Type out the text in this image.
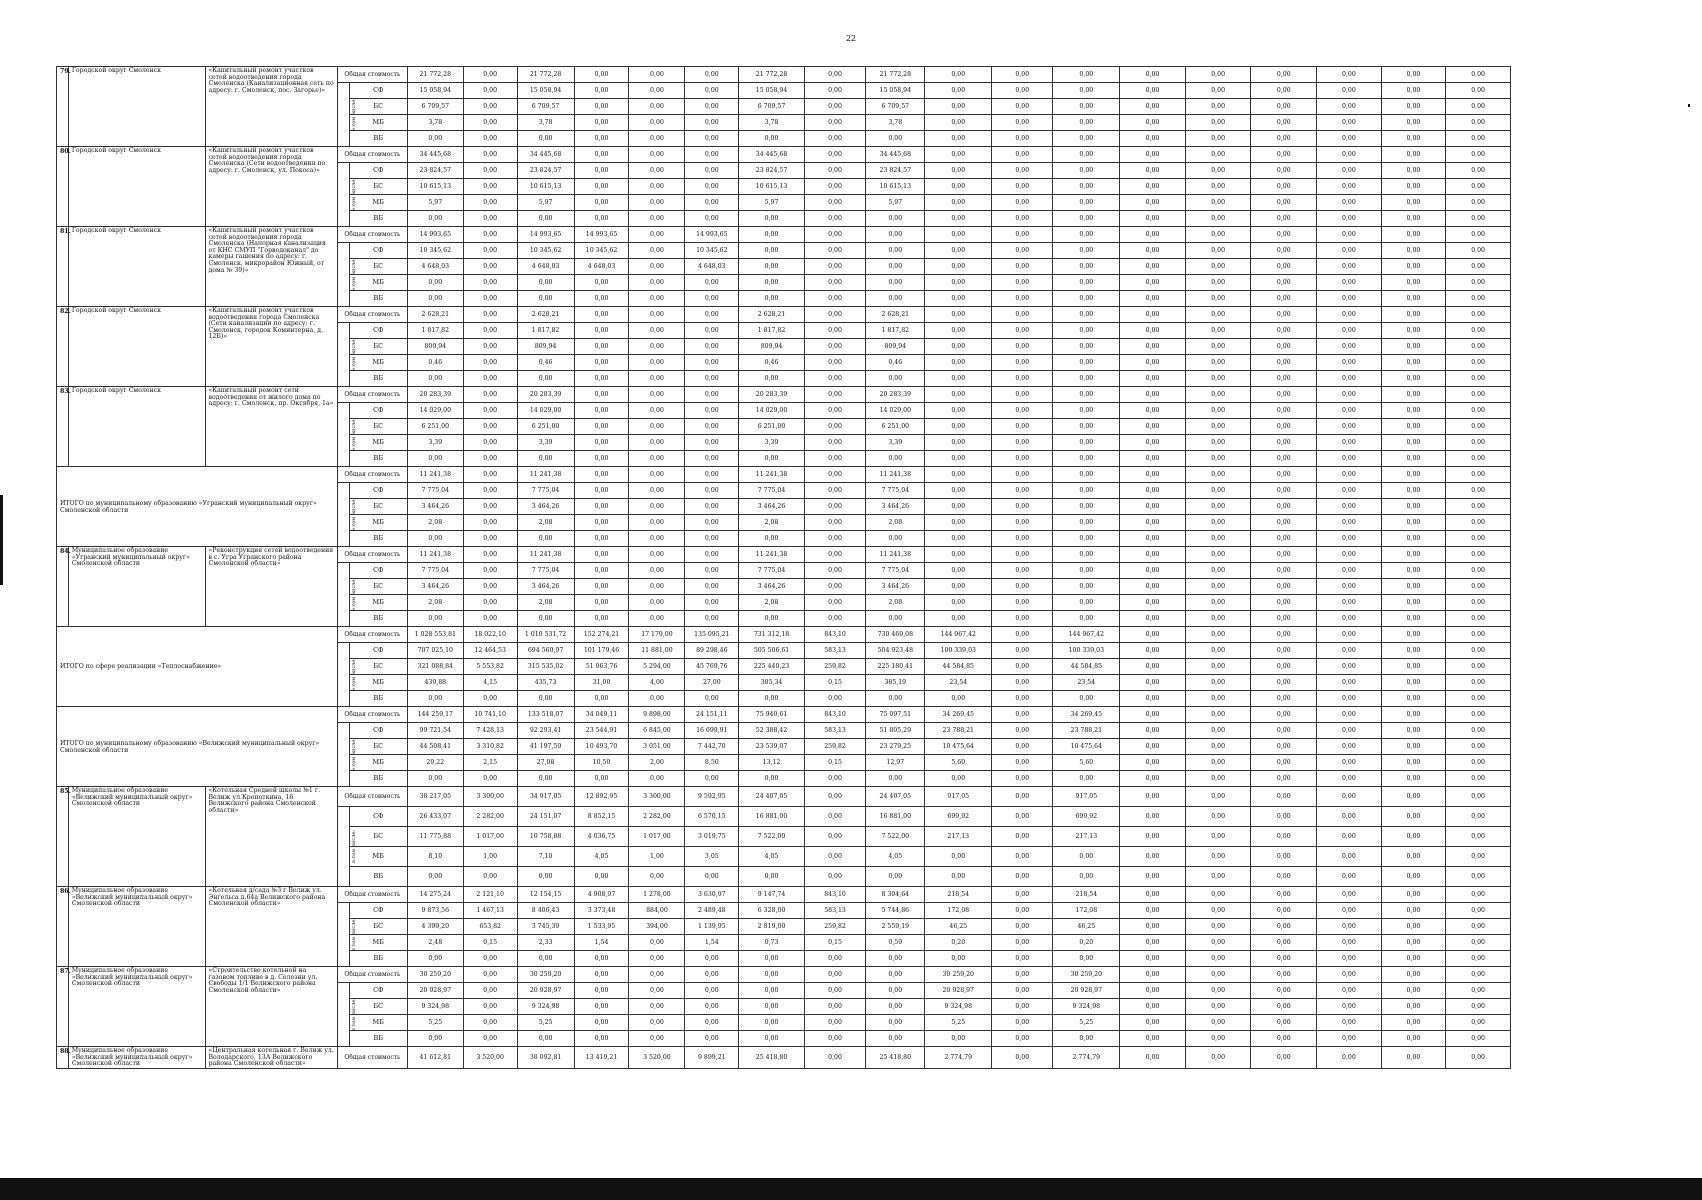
22
79.	Городской округ Смоленск	«Капитальный ремонт участков сетей водоотведения города Смоленска (Канализационная сеть по адресу: г. Смоленск, пос. Загорье)»	Общая стоимость		21 772,28	0,00	21 772,28	0,00	0,00	0,00	21 772,28	0,00	21 772,28	0,00	0,00	0,00	0,00	0,00	0,00	0,00	0,00	0,00
			в том числе:	СФ	15 058,94	0,00	15 058,94	0,00	0,00	0,00	15 058,94	0,00	15 058,94	0,00	0,00	0,00	0,00	0,00	0,00	0,00	0,00	0,00
				БС	6 709,57	0,00	6 709,57	0,00	0,00	0,00	6 709,57	0,00	6 709,57	0,00	0,00	0,00	0,00	0,00	0,00	0,00	0,00	0,00
				МБ	3,78	0,00	3,78	0,00	0,00	0,00	3,78	0,00	3,78	0,00	0,00	0,00	0,00	0,00	0,00	0,00	0,00	0,00
				ВБ	0,00	0,00	0,00	0,00	0,00	0,00	0,00	0,00	0,00	0,00	0,00	0,00	0,00	0,00	0,00	0,00	0,00	0,00
80.	Городской округ Смоленск	«Капитальный ремонт участков сетей водоотведения города Смоленска (Сети водоотведения по адресу: г. Смоленск, ул. Покоса)»	Общая стоимость		34 445,68	0,00	34 445,68	0,00	0,00	0,00	34 445,68	0,00	34 445,68	0,00	0,00	0,00	0,00	0,00	0,00	0,00	0,00	0,00
			в том числе:	СФ	23 824,57	0,00	23 824,57	0,00	0,00	0,00	23 824,57	0,00	23 824,57	0,00	0,00	0,00	0,00	0,00	0,00	0,00	0,00	0,00
				БС	10 615,13	0,00	10 615,13	0,00	0,00	0,00	10 615,13	0,00	10 615,13	0,00	0,00	0,00	0,00	0,00	0,00	0,00	0,00	0,00
				МБ	5,97	0,00	5,97	0,00	0,00	0,00	5,97	0,00	5,97	0,00	0,00	0,00	0,00	0,00	0,00	0,00	0,00	0,00
				ВБ	0,00	0,00	0,00	0,00	0,00	0,00	0,00	0,00	0,00	0,00	0,00	0,00	0,00	0,00	0,00	0,00	0,00	0,00
81.	Городской округ Смоленск	«Капитальный ремонт участков сетей водоотведения города Смоленска (Напорная канализация от КНС СМУП "Горводоканал" до камеры гашения по адресу: г. Смоленск, микрорайон Южный, от дома № 39)»	Общая стоимость		14 993,65	0,00	14 993,65	14 993,65	0,00	14 993,65	0,00	0,00	0,00	0,00	0,00	0,00	0,00	0,00	0,00	0,00	0,00	0,00
			в том числе:	СФ	10 345,62	0,00	10 345,62	10 345,62	0,00	10 345,62	0,00	0,00	0,00	0,00	0,00	0,00	0,00	0,00	0,00	0,00	0,00	0,00
				БС	4 648,03	0,00	4 648,03	4 648,03	0,00	4 648,03	0,00	0,00	0,00	0,00	0,00	0,00	0,00	0,00	0,00	0,00	0,00	0,00
				МБ	0,00	0,00	0,00	0,00	0,00	0,00	0,00	0,00	0,00	0,00	0,00	0,00	0,00	0,00	0,00	0,00	0,00	0,00
				ВБ	0,00	0,00	0,00	0,00	0,00	0,00	0,00	0,00	0,00	0,00	0,00	0,00	0,00	0,00	0,00	0,00	0,00	0,00
82.	Городской округ Смоленск	«Капитальный ремонт участков водоотведения города Смоленска (Сети канализации по адресу: г. Смоленск, городок Коминтерна, д. 12Б)»	Общая стоимость		2 628,21	0,00	2 628,21	0,00	0,00	0,00	2 628,21	0,00	2 628,21	0,00	0,00	0,00	0,00	0,00	0,00	0,00	0,00	0,00
			в том числе:	СФ	1 817,82	0,00	1 817,82	0,00	0,00	0,00	1 817,82	0,00	1 817,82	0,00	0,00	0,00	0,00	0,00	0,00	0,00	0,00	0,00
				БС	809,94	0,00	809,94	0,00	0,00	0,00	809,94	0,00	809,94	0,00	0,00	0,00	0,00	0,00	0,00	0,00	0,00	0,00
				МБ	0,46	0,00	0,46	0,00	0,00	0,00	0,46	0,00	0,46	0,00	0,00	0,00	0,00	0,00	0,00	0,00	0,00	0,00
				ВБ	0,00	0,00	0,00	0,00	0,00	0,00	0,00	0,00	0,00	0,00	0,00	0,00	0,00	0,00	0,00	0,00	0,00	0,00
83.	Городской округ Смоленск	«Капитальный ремонт сети водоотведения от жилого дома по адресу: г. Смоленск, пр. Октября, 1а»	Общая стоимость		20 283,39	0,00	20 283,39	0,00	0,00	0,00	20 283,39	0,00	20 283,39	0,00	0,00	0,00	0,00	0,00	0,00	0,00	0,00	0,00
			в том числе:	СФ	14 029,00	0,00	14 029,00	0,00	0,00	0,00	14 029,00	0,00	14 029,00	0,00	0,00	0,00	0,00	0,00	0,00	0,00	0,00	0,00
				БС	6 251,00	0,00	6 251,00	0,00	0,00	0,00	6 251,00	0,00	6 251,00	0,00	0,00	0,00	0,00	0,00	0,00	0,00	0,00	0,00
				МБ	3,39	0,00	3,39	0,00	0,00	0,00	3,39	0,00	3,39	0,00	0,00	0,00	0,00	0,00	0,00	0,00	0,00	0,00
				ВБ	0,00	0,00	0,00	0,00	0,00	0,00	0,00	0,00	0,00	0,00	0,00	0,00	0,00	0,00	0,00	0,00	0,00	0,00
ИТОГО по муниципальному образованию «Угранский муниципальный округ» Смоленской области			Общая стоимость		11 241,38	0,00	11 241,38	0,00	0,00	0,00	11 241,38	0,00	11 241,38	0,00	0,00	0,00	0,00	0,00	0,00	0,00	0,00	0,00
			в том числе:	СФ	7 775,04	0,00	7 775,04	0,00	0,00	0,00	7 775,04	0,00	7 775,04	0,00	0,00	0,00	0,00	0,00	0,00	0,00	0,00	0,00
				БС	3 464,26	0,00	3 464,26	0,00	0,00	0,00	3 464,26	0,00	3 464,26	0,00	0,00	0,00	0,00	0,00	0,00	0,00	0,00	0,00
				МБ	2,08	0,00	2,08	0,00	0,00	0,00	2,08	0,00	2,08	0,00	0,00	0,00	0,00	0,00	0,00	0,00	0,00	0,00
				ВБ	0,00	0,00	0,00	0,00	0,00	0,00	0,00	0,00	0,00	0,00	0,00	0,00	0,00	0,00	0,00	0,00	0,00	0,00
84.	Муниципальное образование «Угранский муниципальный округ» Смоленской области	«Реконструкция сетей водоотведения в с. Угра Угранского района Смоленской области»	Общая стоимость		11 241,38	0,00	11 241,38	0,00	0,00	0,00	11 241,38	0,00	11 241,38	0,00	0,00	0,00	0,00	0,00	0,00	0,00	0,00	0,00
			в том числе:	СФ	7 775,04	0,00	7 775,04	0,00	0,00	0,00	7 775,04	0,00	7 775,04	0,00	0,00	0,00	0,00	0,00	0,00	0,00	0,00	0,00
				БС	3 464,26	0,00	3 464,26	0,00	0,00	0,00	3 464,26	0,00	3 464,26	0,00	0,00	0,00	0,00	0,00	0,00	0,00	0,00	0,00
				МБ	2,08	0,00	2,08	0,00	0,00	0,00	2,08	0,00	2,08	0,00	0,00	0,00	0,00	0,00	0,00	0,00	0,00	0,00
				ВБ	0,00	0,00	0,00	0,00	0,00	0,00	0,00	0,00	0,00	0,00	0,00	0,00	0,00	0,00	0,00	0,00	0,00	0,00
ИТОГО по сфере реализации «Теплоснабжение»			Общая стоимость		1 028 553,81	18 022,10	1 010 531,72	152 274,21	17 179,00	135 095,21	731 312,18	843,10	730 469,08	144 967,42	0,00	144 967,42	0,00	0,00	0,00	0,00	0,00	0,00
			в том числе:	СФ	707 025,10	12 464,53	694 560,97	101 179,46	11 881,00	89 298,46	505 506,61	583,13	504 923,48	100 339,03	0,00	100 339,03	0,00	0,00	0,00	0,00	0,00	0,00
				БС	321 088,84	5 553,82	315 535,02	51 063,76	5 294,00	45 769,76	225 440,23	259,82	225 180,41	44 584,85	0,00	44 584,85	0,00	0,00	0,00	0,00	0,00	0,00
				МБ	439,88	4,15	435,73	31,00	4,00	27,00	385,34	0,15	385,19	23,54	0,00	23,54	0,00	0,00	0,00	0,00	0,00	0,00
				ВБ	0,00	0,00	0,00	0,00	0,00	0,00	0,00	0,00	0,00	0,00	0,00	0,00	0,00	0,00	0,00	0,00	0,00	0,00
ИТОГО по муниципальному образованию «Велижский муниципальный округ» Смоленской области			Общая стоимость		144 259,17	10 741,10	133 518,07	34 049,11	9 898,00	24 151,11	75 940,61	843,10	75 097,51	34 269,45	0,00	34 269,45	0,00	0,00	0,00	0,00	0,00	0,00
			в том числе:	СФ	99 721,54	7 428,13	92 293,41	23 544,91	6 845,00	16 699,91	52 388,42	583,13	51 805,29	23 788,21	0,00	23 788,21	0,00	0,00	0,00	0,00	0,00	0,00
				БС	44 508,41	3 310,82	41 197,59	10 493,70	3 051,00	7 442,70	23 539,07	259,82	23 279,25	10 475,64	0,00	10 475,64	0,00	0,00	0,00	0,00	0,00	0,00
				МБ	29,22	2,15	27,08	10,50	2,00	8,50	13,12	0,15	12,97	5,60	0,00	5,60	0,00	0,00	0,00	0,00	0,00	0,00
				ВБ	0,00	0,00	0,00	0,00	0,00	0,00	0,00	0,00	0,00	0,00	0,00	0,00	0,00	0,00	0,00	0,00	0,00	0,00
85.	Муниципальное образование «Велижский муниципальный округ» Смоленской области	«Котельная Средней школы №1 г. Велиж ул.Кропоткина, 16 Велижского района Смоленской области»	Общая стоимость		38 217,05	3 300,00	34 917,05	12 892,95	3 300,00	9 592,95	24 407,05	0,00	24 407,05	917,05	0,00	917,05	0,00	0,00	0,00	0,00	0,00	0,00
			в том числе:	СФ	26 433,07	2 282,00	24 151,07	8 852,15	2 282,00	6 570,15	16 881,00	0,00	16 881,00	699,92	0,00	699,92	0,00	0,00	0,00	0,00	0,00	0,00
				БС	11 775,88	1 017,00	10 758,88	4 036,75	1 017,00	3 019,75	7 522,00	0,00	7 522,00	217,13	0,00	217,13	0,00	0,00	0,00	0,00	0,00	0,00
				МБ	8,10	1,00	7,10	4,05	1,00	3,05	4,05	0,00	4,05	0,00	0,00	0,00	0,00	0,00	0,00	0,00	0,00	0,00
				ВБ	0,00	0,00	0,00	0,00	0,00	0,00	0,00	0,00	0,00	0,00	0,00	0,00	0,00	0,00	0,00	0,00	0,00	0,00
86.	Муниципальное образование «Велижский муниципальный округ» Смоленской области	«Котельная д/сада №3 г Велиж ул. Энгельса д.64а Велижского района Смоленской области»	Общая стоимость		14 275,24	2 121,10	12 154,15	4 908,97	1 278,00	3 630,97	9 147,74	843,10	8 304,64	218,54	0,00	218,54	0,00	0,00	0,00	0,00	0,00	0,00
			в том числе:	СФ	9 873,56	1 467,13	8 406,43	3 373,48	884,00	2 489,48	6 328,00	583,13	5 744,86	172,08	0,00	172,08	0,00	0,00	0,00	0,00	0,00	0,00
				БС	4 399,20	653,82	3 745,39	1 533,95	394,00	1 139,95	2 819,00	259,82	2 559,19	46,25	0,00	46,25	0,00	0,00	0,00	0,00	0,00	0,00
				МБ	2,48	0,15	2,33	1,54	0,00	1,54	0,73	0,15	0,59	0,20	0,00	0,20	0,00	0,00	0,00	0,00	0,00	0,00
				ВБ	0,00	0,00	0,00	0,00	0,00	0,00	0,00	0,00	0,00	0,00	0,00	0,00	0,00	0,00	0,00	0,00	0,00	0,00
87.	Муниципальное образование «Велижский муниципальный округ» Смоленской области	«Строительство котельной на газовом топливе в д. Селезни ул. Свободы 1/1 Велижского района Смоленской области»	Общая стоимость		30 259,20	0,00	30 259,20	0,00	0,00	0,00	0,00	0,00	0,00	30 259,20	0,00	30 259,20	0,00	0,00	0,00	0,00	0,00	0,00
			в том числе:	СФ	20 928,97	0,00	20 928,97	0,00	0,00	0,00	0,00	0,00	0,00	20 928,97	0,00	20 928,97	0,00	0,00	0,00	0,00	0,00	0,00
				БС	9 324,98	0,00	9 324,98	0,00	0,00	0,00	0,00	0,00	0,00	9 324,98	0,00	9 324,98	0,00	0,00	0,00	0,00	0,00	0,00
				МБ	5,25	0,00	5,25	0,00	0,00	0,00	0,00	0,00	0,00	5,25	0,00	5,25	0,00	0,00	0,00	0,00	0,00	0,00
				ВБ	0,00	0,00	0,00	0,00	0,00	0,00	0,00	0,00	0,00	0,00	0,00	0,00	0,00	0,00	0,00	0,00	0,00	0,00
88.	Муниципальное образование «Велижский муниципальный округ» Смоленской области	«Центральная котельная г. Велиж ул. Володарского, 13А Велижского района Смоленской области»	Общая стоимость		41 612,81	3 520,00	38 092,81	13 419,21	3 520,00	9 899,21	25 418,80	0,00	25 418,80	2 774,79	0,00	2 774,79	0,00	0,00	0,00	0,00	0,00	0,00
